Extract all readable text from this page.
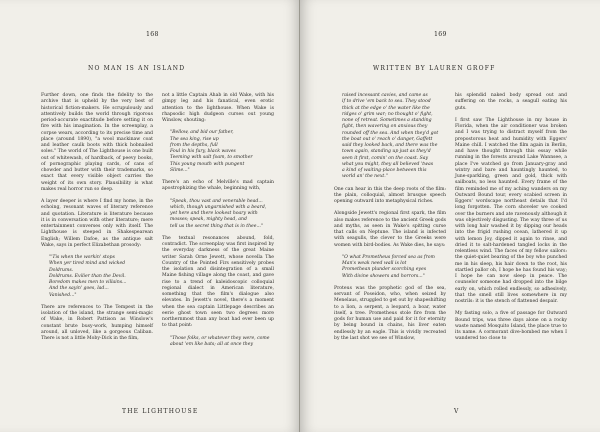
168
NO MAN IS AN ISLAND

Further down, one finds the fidelity to the archive that is upheld by the very best of historical fiction-makers. He scrupulously and attentively builds the world through rigorous period-accurate exactitude before setting it on fire with his imagination. In the screenplay, a corpse wears, according to its precise time and place (around 1890), "a wool mackinaw coat and leather caulk boots with thick hobnailed soles." The world of The Lighthouse is one built out of whitewash, of hardback, of peevy books, of pornographic playing cards, of cans of chowder and butter with their trademarks, so exact that every visible object carries the weight of its own story. Plausibility is what makes real horror run so deep.

A layer deeper is where I find my home, in the echoing, resonant waves of literary reference and quotation. Literature is literature because it is in conversation with other literature; mere entertainment converses only with itself. The Lighthouse is steeped in Shakespearean English; Willem Dafoe, as the antique salt Wake, says in perfect Elizabethan prosody:

"'Tis when the workin' stops
When yer tired mind and wicked
Doldrums.
Doldrums. Evilier than the Devil.
Boredom makes men to villains...
And the sayin' goes, lad...
Vanished..."

There are references to The Tempest in the isolation of the island, the strange semi-magic of Wake, in Robert Pattison as Winslow's constant brute busy-work, humping himself around, all unloved, like a gorgeous Caliban. There is not a little Moby-Dick in the film,

not a little Captain Ahab in old Wake, with his gimpy leg and his fanatical, even erotic attention to the lighthouse. When Wake is rhapsodic high dudgeon curses out young Winslow, shouting:

"Bellow, and bid our father,
The sea king, rise up
from the depths, full
Foul in his fury, black waves
Teeming with salt foam, to smother
This young mouth with pungent
Slime..."

There's an echo of Melville's mad captain apostrophizing the whale, beginning with,

"Speak, thou vast and venerable head...
which, though ungarnished with a beard,
yet here and there lookest hoary with
mosses; speak, mighty head, and
tell us the secret thing that is in thee..."

The textual resonances abound, fold, contradict. The screenplay was first inspired by the everyday darkness of the great Maine writer Sarah Orne Jewett, whose novella The Country of the Pointed Firs sensitively probes the isolation and disintegration of a small Maine fishing village along the coast, and gave rise to a trend of kaleidoscopic colloquial regional dialect in American literature, something that the film's dialogue also elevates. In Jewett's novel, there's a moment when the sea captain Littlepage describes an eerie ghost town seen two degrees more northernmost than any boat had ever been up to that point:

"Those folks, or whatever they were, come
about 'em like bats; all at once they
THE LIGHTHOUSE
169
WRITTEN BY LAUREN GROFF
raised incessant cavies, and came as
if to drive 'em back to sea. They stood
thick at the edge o' the water like the
ridges o' grim war; no thought o' fight,
none of retreat. Sometimes a standing
fight, then wavering on anxious they
rounded off the sea. And when they'd got
the boat out o' reach o' danger, Gaffett
said they looked back, and there was the
town again, standing up just as they'd
seen it first, comin' on the coast. Say
what you might, they all believed 'twas
a kind of waiting-place between this
world an' the next."

One can hear in this the deep roots of the film: the plain, colloquial, almost brusque speech opening outward into metaphysical riches.

Alongside Jewett's regional first spark, the film also makes reference to the ancient Greek gods and myths, as seen in Wake's spitting curse that calls on Neptune. The island is infected with seagulls, the clever to the Greeks were women with bird-bodies. As Wake dies, he says:

"O what Prometheus forced sea as from
Man's weak need wall is lot
Promethean plunder scorching eyes
With divine showers and horrors..."

Proteus was the prophetic god of the sea, servant of Poseidon, who, when seized by Menelaus, struggled to get out by shapeshifting to a lion, a serpent, a leopard, a boar, water itself, a tree. Prometheus stole fire from the gods for human use and paid for it for eternity by being bound in chains, his liver eaten endlessly by an eagle. This is vividly recreated by the last shot we see of Winslow,

his splendid naked body spread out and suffering on the rocks, a seagull eating his guts.

I first saw The Lighthouse in my house in Florida, when the air conditioner was broken and I was trying to distract myself from the prepostorous heat and humidity with Eggers' Maine chill. I watched the film again in Berlin, and have thought through this essay while running in the forests around Lake Wannsee, a place I've watched go from January-gray and wintry and bare and hauntingly haunted, to June-sparkling, green and gold, thick with sailboats, no less haunted. Every frame of the film reminded me of my aching wanders on my Outward Bound tour, every scabied screen in Eggers' wordscape northeast details that I'd long forgotten. The corn shoveler we cooked over the burners and ate ravenously although it was objectively disgusting. The way three of us with long hair washed it by dipping our heads into the frigid rushing ocean, lathered it up with lemon Joy, dipped it again to rinse, and dried it to salt-hardened tangled locks in the relentless wind. The faces of my fellow sailors: the quiet-quiet bearing of the boy who punched me in his sleep, his hair down to the root, his startled pallor oh, I hope he has found his way; I hope he can now sleep in peace. The counselor someone had dropped into the bilge early on, which rolled endlessly, so adhesively, that the smell still lives somewhere in my nostrils: it is the stench of flattened despair.

My fasting solo, a five of passage for Outward Bound trips, was three days alone on a rocky waste named Mosquito Island, the place true to its name. A cormorant dive-bombed me when I wandered too close to

V
